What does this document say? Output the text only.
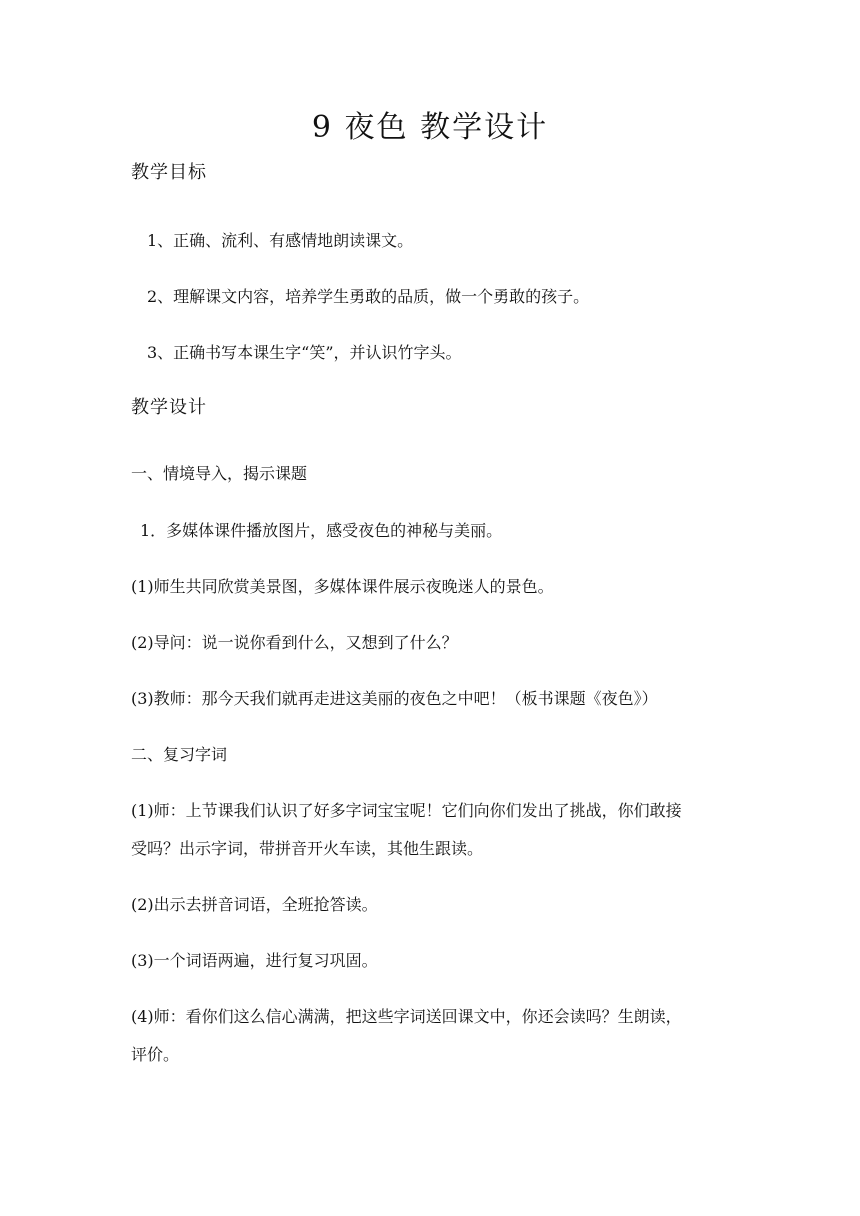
9 夜色 教学设计
教学目标
1、正确、流利、有感情地朗读课文。
2、理解课文内容，培养学生勇敢的品质，做一个勇敢的孩子。
3、正确书写本课生字“笑”，并认识竹字头。
教学设计
一、情境导入，揭示课题
1．多媒体课件播放图片，感受夜色的神秘与美丽。
(1)师生共同欣赏美景图，多媒体课件展示夜晚迷人的景色。
(2)导问：说一说你看到什么，又想到了什么？
(3)教师：那今天我们就再走进这美丽的夜色之中吧！（板书课题《夜色》）
二、复习字词
(1)师：上节课我们认识了好多字词宝宝呢！它们向你们发出了挑战，你们敢接
受吗？出示字词，带拼音开火车读，其他生跟读。
(2)出示去拼音词语，全班抢答读。
(3)一个词语两遍，进行复习巩固。
(4)师：看你们这么信心满满，把这些字词送回课文中，你还会读吗？生朗读，
评价。
